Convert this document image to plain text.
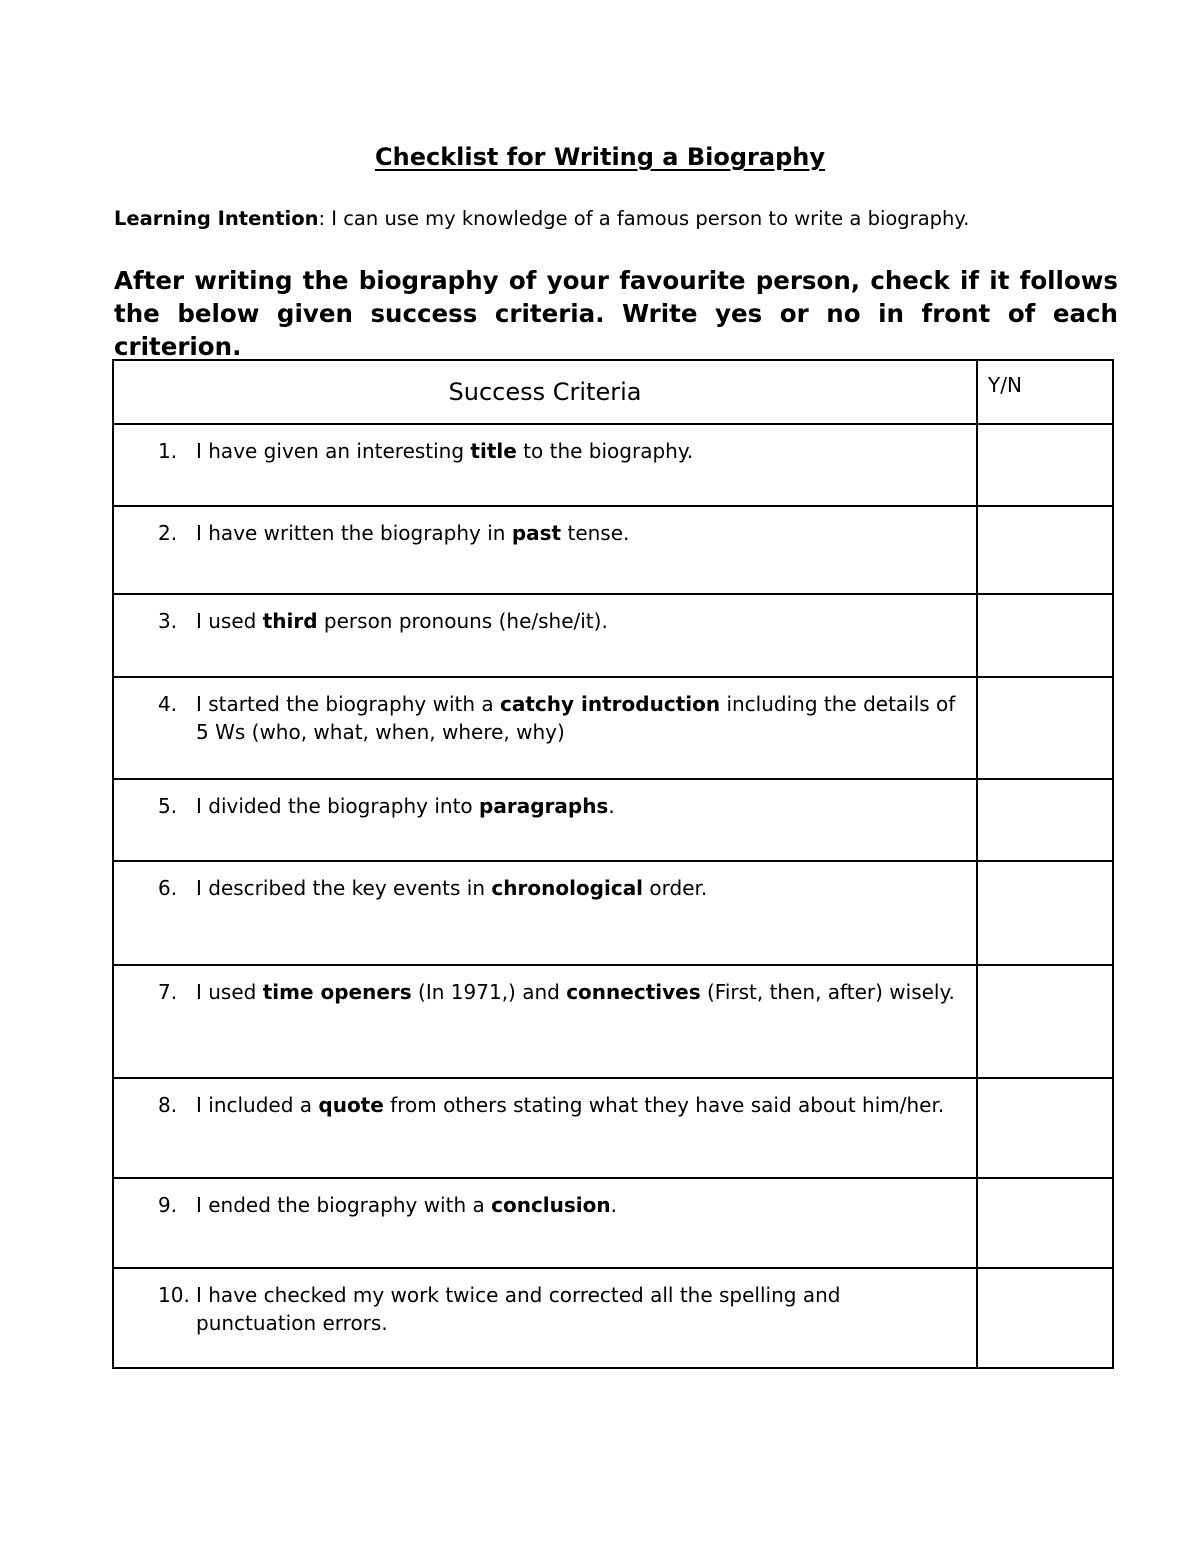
Checklist for Writing a Biography
Learning Intention: I can use my knowledge of a famous person to write a biography.
After writing the biography of your favourite person, check if it follows the below given success criteria. Write yes or no in front of each criterion.
Success Criteria	Y/N

1. I have given an interesting title to the biography.	

2. I have written the biography in past tense.	

3. I used third person pronouns (he/she/it).	

4. I started the biography with a catchy introduction including the details of 5 Ws (who, what, when, where, why)	

5. I divided the biography into paragraphs.	

6. I described the key events in chronological order.	

7. I used time openers (In 1971,) and connectives (First, then, after) wisely.	

8. I included a quote from others stating what they have said about him/her.	

9. I ended the biography with a conclusion.	

10. I have checked my work twice and corrected all the spelling and punctuation errors.	
